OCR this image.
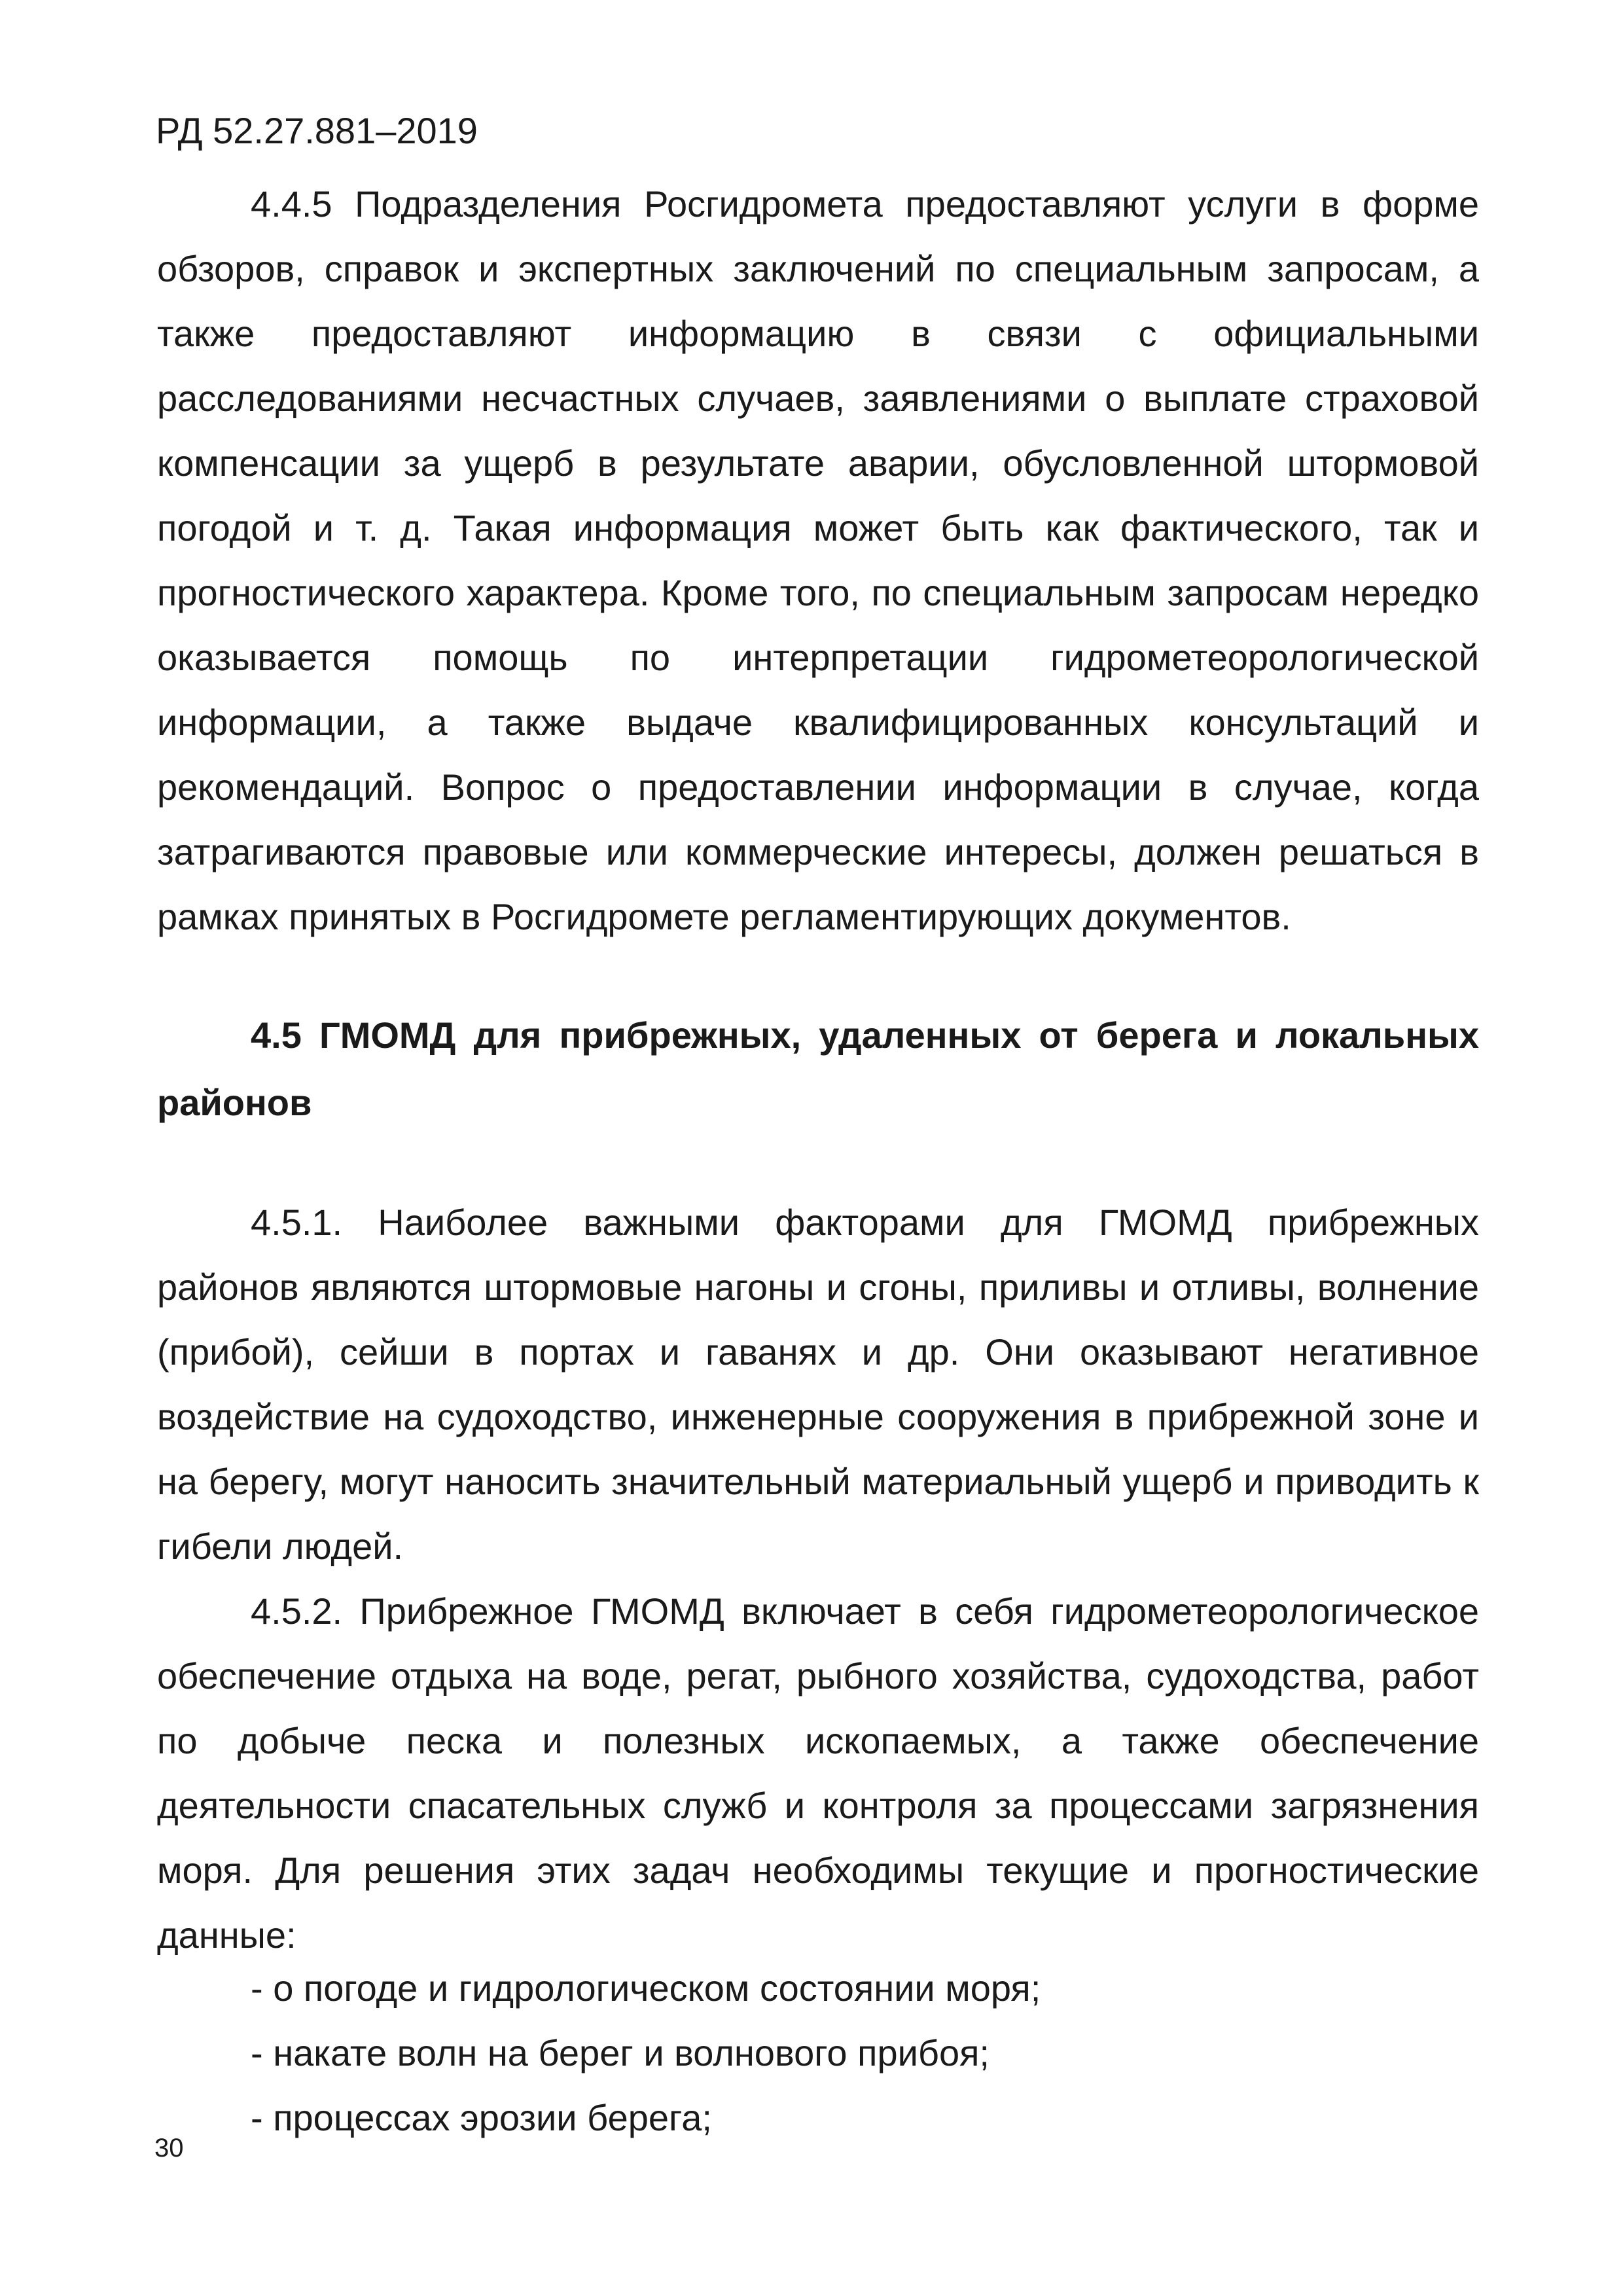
РД 52.27.881–2019

4.4.5 Подразделения Росгидромета предоставляют услуги в форме обзоров, справок и экспертных заключений по специальным запросам, а также предоставляют информацию в связи с официальными расследованиями несчастных случаев, заявлениями о выплате страховой компенсации за ущерб в результате аварии, обусловленной штормовой погодой и т. д. Такая информация может быть как фактического, так и прогностического характера. Кроме того, по специальным запросам нередко оказывается помощь по интерпретации гидрометеорологической информации, а также выдаче квалифицированных консультаций и рекомендаций. Вопрос о предоставлении информации в случае, когда затрагиваются правовые или коммерческие интересы, должен решаться в рамках принятых в Росгидромете регламентирующих документов.

4.5 ГМОМД для прибрежных, удаленных от берега и локальных районов

4.5.1. Наиболее важными факторами для ГМОМД прибрежных районов являются штормовые нагоны и сгоны, приливы и отливы, волнение (прибой), сейши в портах и гаванях и др. Они оказывают негативное воздействие на судоходство, инженерные сооружения в прибрежной зоне и на берегу, могут наносить значительный материальный ущерб и приводить к гибели людей.

4.5.2. Прибрежное ГМОМД включает в себя гидрометеорологическое обеспечение отдыха на воде, регат, рыбного хозяйства, судоходства, работ по добыче песка и полезных ископаемых, а также обеспечение деятельности спасательных служб и контроля за процессами загрязнения моря. Для решения этих задач необходимы текущие и прогностические данные:

- о погоде и гидрологическом состоянии моря;
- накате волн на берег и волнового прибоя;
- процессах эрозии берега;
30
